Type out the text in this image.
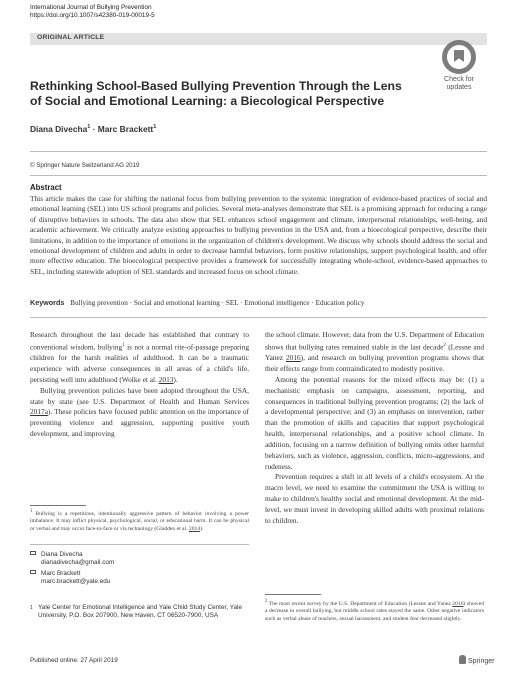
International Journal of Bullying Prevention
https://doi.org/10.1007/s42380-019-00019-5
ORIGINAL ARTICLE
Check for
updates
Rethinking School-Based Bullying Prevention Through the Lens
of Social and Emotional Learning: a Biecological Perspective
Diana Divecha$^1$ · Marc Brackett$^1$
© Springer Nature Switzerland AG 2019
Abstract
This article makes the case for shifting the national focus from bullying prevention to the systemic integration of evidence-based practices of social and emotional learning (SEL) into US school programs and policies. Several meta-analyses demonstrate that SEL is a promising approach for reducing a range of disruptive behaviors in schools. The data also show that SEL enhances school engagement and climate, interpersonal relationships, well-being, and academic achievement. We critically analyze existing approaches to bullying prevention in the USA and, from a bioecological perspective, describe their limitations, in addition to the importance of emotions in the organization of children's development. We discuss why schools should address the social and emotional development of children and adults in order to decrease harmful behaviors, form positive relationships, support psychological health, and offer more effective education. The bioecological perspective provides a framework for successfully integrating whole-school, evidence-based approaches to SEL, including statewide adoption of SEL standards and increased focus on school climate.
Keywords Bullying prevention · Social and emotional learning · SEL · Emotional intelligence · Education policy

Research throughout the last decade has established that contrary to conventional wisdom, bullying$^1$ is not a normal rite-of-passage preparing children for the harsh realities of adulthood. It can be a traumatic experience with adverse consequences in all areas of a child's life, persisting well into adulthood (Wolke et al. 2013).

Bullying prevention policies have been adopted throughout the USA, state by state (see U.S. Department of Health and Human Services 2017a). These policies have focused public attention on the importance of preventing violence and aggression, supporting positive youth development, and improving

$^1$ Bullying is a repetitious, intentionally aggressive pattern of behavior involving a power imbalance. It may inflict physical, psychological, social, or educational harm. It can be physical or verbal and may occur face-to-face or via technology (Gladden et al. 2014).
Diana Divecha
dianadivecha@gmail.com
Marc Brackett
marc.brackett@yale.edu
1 Yale Center for Emotional Intelligence and Yale Child Study Center, Yale University, P.O. Box 207900, New Haven, CT 06520-7900, USA

the school climate. However, data from the U.S. Department of Education shows that bullying rates remained stable in the last decade$^2$ (Lessne and Yanez 2016), and research on bullying prevention programs shows that their effects range from contraindicated to modestly positive.

Among the potential reasons for the mixed effects may be: (1) a mechanistic emphasis on campaigns, assessment, reporting, and consequences in traditional bullying prevention programs; (2) the lack of a developmental perspective; and (3) an emphasis on intervention, rather than the promotion of skills and capacities that support psychological health, interpersonal relationships, and a positive school climate. In addition, focusing on a narrow definition of bullying omits other harmful behaviors, such as violence, aggression, conflicts, micro-aggressions, and rudeness.

Prevention requires a shift in all levels of a child's ecosystem. At the macro level, we need to examine the commitment the USA is willing to make to children's healthy social and emotional development. At the mid-level, we must invest in developing skilled adults with proximal relations to children.

$^2$ The most recent survey by the U.S. Department of Education (Lessne and Yanez 2016) showed a decrease in overall bullying, but middle school rates stayed the same. Other negative indicators such as verbal abuse of teachers, sexual harassment, and student fear decreased slightly.
Published online: 27 April 2019	Springer
